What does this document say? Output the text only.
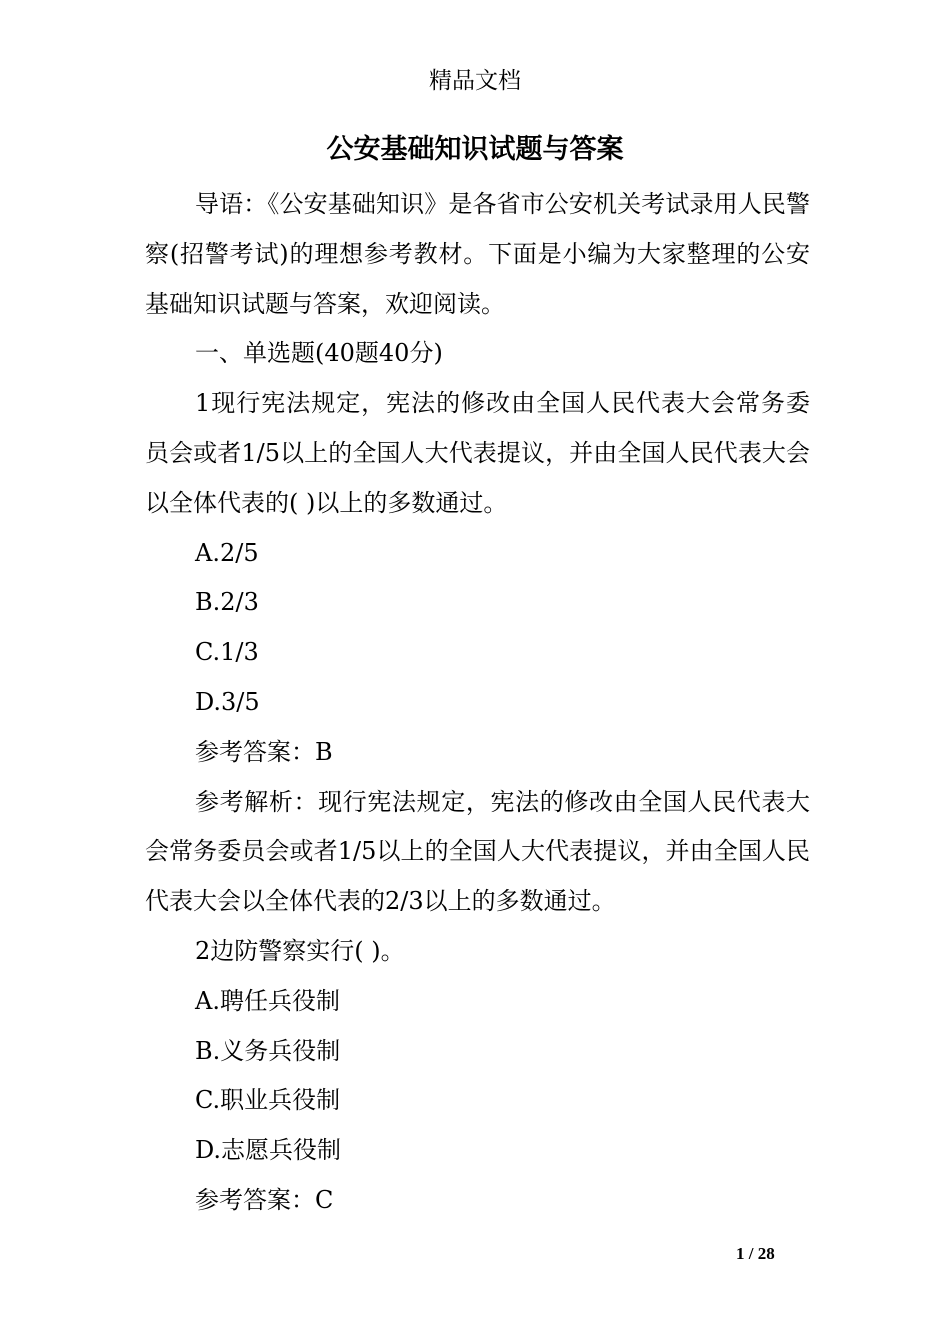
精品文档
公安基础知识试题与答案

导语：《公安基础知识》是各省市公安机关考试录用人民警察(招警考试)的理想参考教材。下面是小编为大家整理的公安基础知识试题与答案，欢迎阅读。

一、单选题(40题40分)

1现行宪法规定，宪法的修改由全国人民代表大会常务委员会或者1/5以上的全国人大代表提议，并由全国人民代表大会以全体代表的( )以上的多数通过。

A.2/5

B.2/3

C.1/3

D.3/5

参考答案：B

参考解析：现行宪法规定，宪法的修改由全国人民代表大会常务委员会或者1/5以上的全国人大代表提议，并由全国人民代表大会以全体代表的2/3以上的多数通过。

2边防警察实行( )。

A.聘任兵役制

B.义务兵役制

C.职业兵役制

D.志愿兵役制

参考答案：C

1 / 28
